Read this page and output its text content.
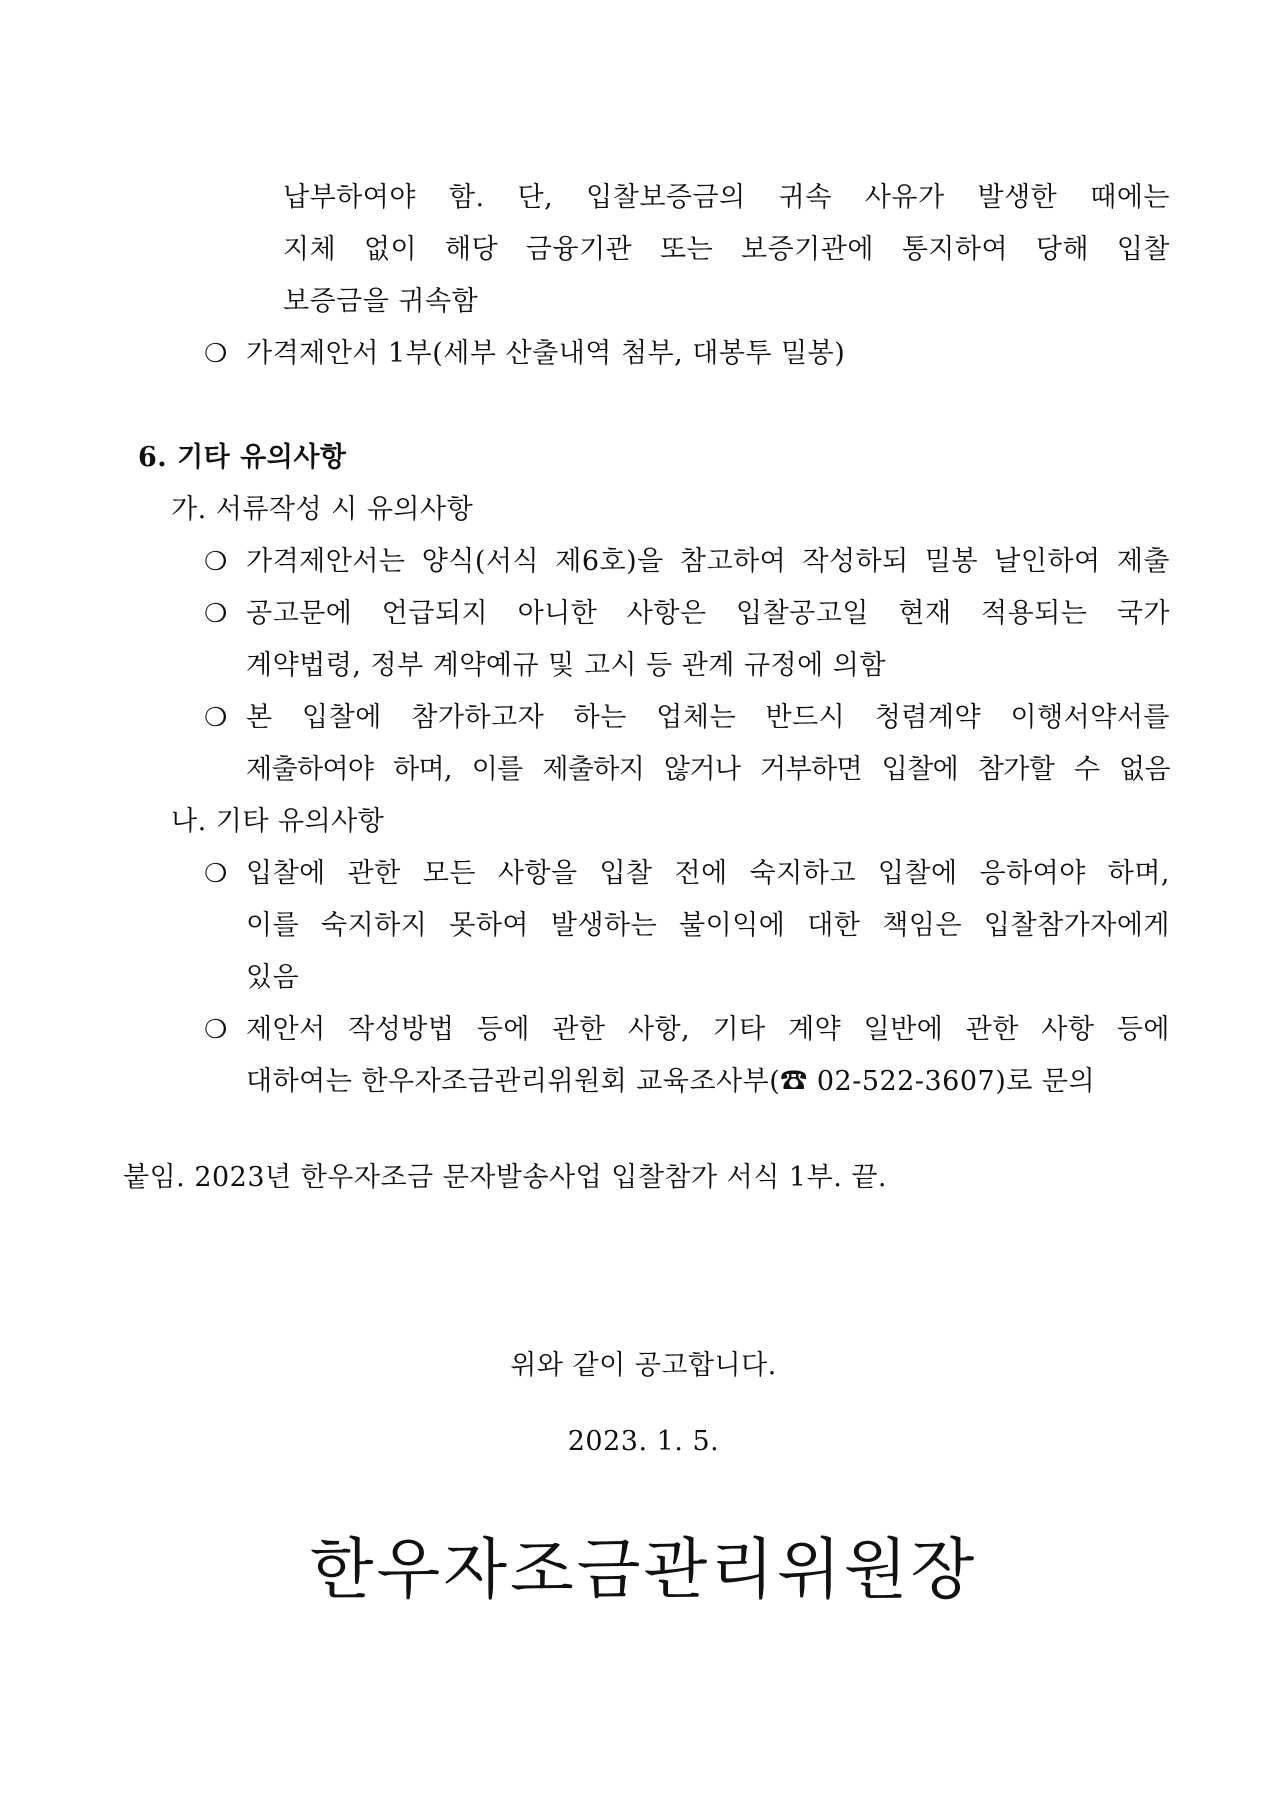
납부하여야 함. 단, 입찰보증금의 귀속 사유가 발생한 때에는
지체 없이 해당 금융기관 또는 보증기관에 통지하여 당해 입찰
보증금을 귀속함
❍ 가격제안서 1부(세부 산출내역 첨부, 대봉투 밀봉)
6. 기타 유의사항
가. 서류작성 시 유의사항
❍ 가격제안서는 양식(서식 제6호)을 참고하여 작성하되 밀봉 날인하여 제출
❍ 공고문에 언급되지 아니한 사항은 입찰공고일 현재 적용되는 국가
계약법령, 정부 계약예규 및 고시 등 관계 규정에 의함
❍ 본 입찰에 참가하고자 하는 업체는 반드시 청렴계약 이행서약서를
제출하여야 하며, 이를 제출하지 않거나 거부하면 입찰에 참가할 수 없음
나. 기타 유의사항
❍ 입찰에 관한 모든 사항을 입찰 전에 숙지하고 입찰에 응하여야 하며,
이를 숙지하지 못하여 발생하는 불이익에 대한 책임은 입찰참가자에게
있음
❍ 제안서 작성방법 등에 관한 사항, 기타 계약 일반에 관한 사항 등에
대하여는 한우자조금관리위원회 교육조사부(☎ 02-522-3607)로 문의
붙임. 2023년 한우자조금 문자발송사업 입찰참가 서식 1부. 끝.
위와 같이 공고합니다.
2023. 1. 5.
한우자조금관리위원장
